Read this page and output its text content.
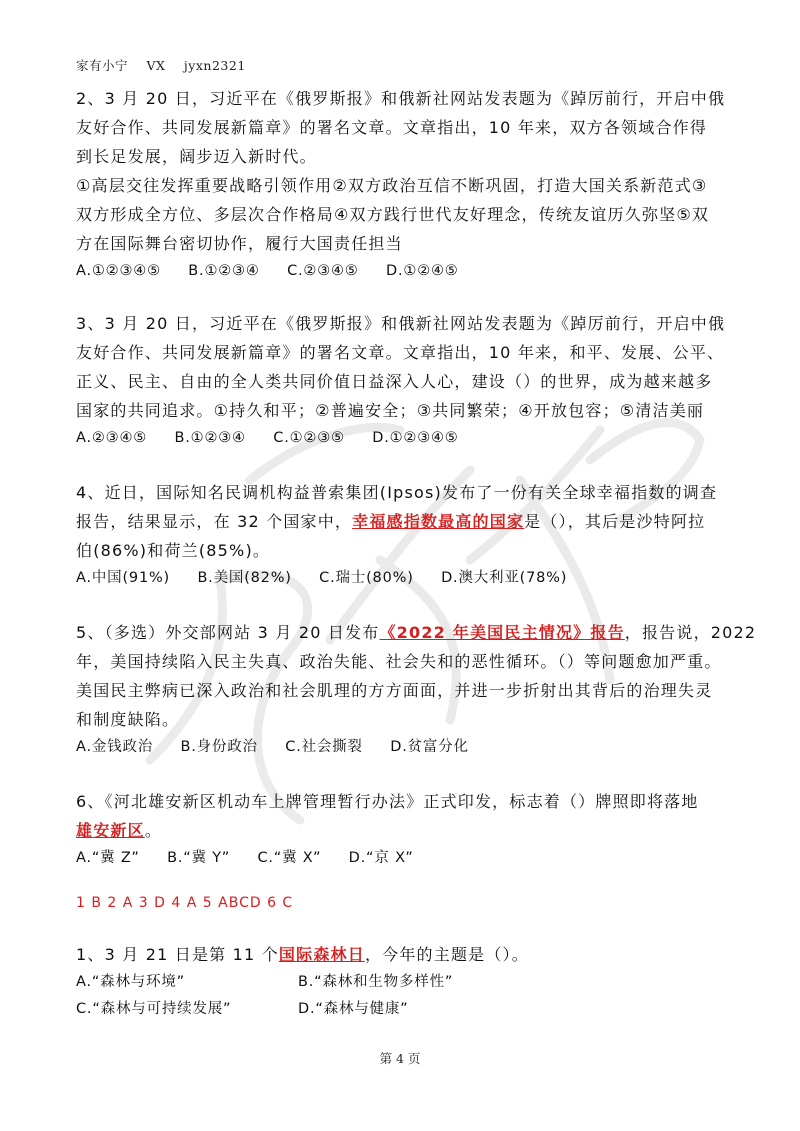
家有小宁 VX jyxn2321
2、3 月 20 日，习近平在《俄罗斯报》和俄新社网站发表题为《踔厉前行，开启中俄
友好合作、共同发展新篇章》的署名文章。文章指出，10 年来，双方各领域合作得
到长足发展，阔步迈入新时代。
①高层交往发挥重要战略引领作用②双方政治互信不断巩固，打造大国关系新范式③
双方形成全方位、多层次合作格局④双方践行世代友好理念，传统友谊历久弥坚⑤双
方在国际舞台密切协作，履行大国责任担当
A.①②③④⑤ B.①②③④ C.②③④⑤ D.①②④⑤
3、3 月 20 日，习近平在《俄罗斯报》和俄新社网站发表题为《踔厉前行，开启中俄
友好合作、共同发展新篇章》的署名文章。文章指出，10 年来，和平、发展、公平、
正义、民主、自由的全人类共同价值日益深入人心，建设（）的世界，成为越来越多
国家的共同追求。①持久和平；②普遍安全；③共同繁荣；④开放包容；⑤清洁美丽
A.②③④⑤ B.①②③④ C.①②③⑤ D.①②③④⑤
4、近日，国际知名民调机构益普索集团(Ipsos)发布了一份有关全球幸福指数的调查
报告，结果显示，在 32 个国家中，幸福感指数最高的国家是（），其后是沙特阿拉
伯(86%)和荷兰(85%)。
A.中国(91%) B.美国(82%) C.瑞士(80%) D.澳大利亚(78%)
5、（多选）外交部网站 3 月 20 日发布《2022 年美国民主情况》报告，报告说，2022
年，美国持续陷入民主失真、政治失能、社会失和的恶性循环。（）等问题愈加严重。
美国民主弊病已深入政治和社会肌理的方方面面，并进一步折射出其背后的治理失灵
和制度缺陷。
A.金钱政治 B.身份政治 C.社会撕裂 D.贫富分化
6、《河北雄安新区机动车上牌管理暂行办法》正式印发，标志着（）牌照即将落地
雄安新区。
A.“冀 Z” B.“冀 Y” C.“冀 X” D.“京 X”
1 B 2 A 3 D 4 A 5 ABCD 6 C
1、3 月 21 日是第 11 个国际森林日，今年的主题是（）。
A.“森林与环境”	B.“森林和生物多样性”
C.“森林与可持续发展”	D.“森林与健康”
第 4 页
